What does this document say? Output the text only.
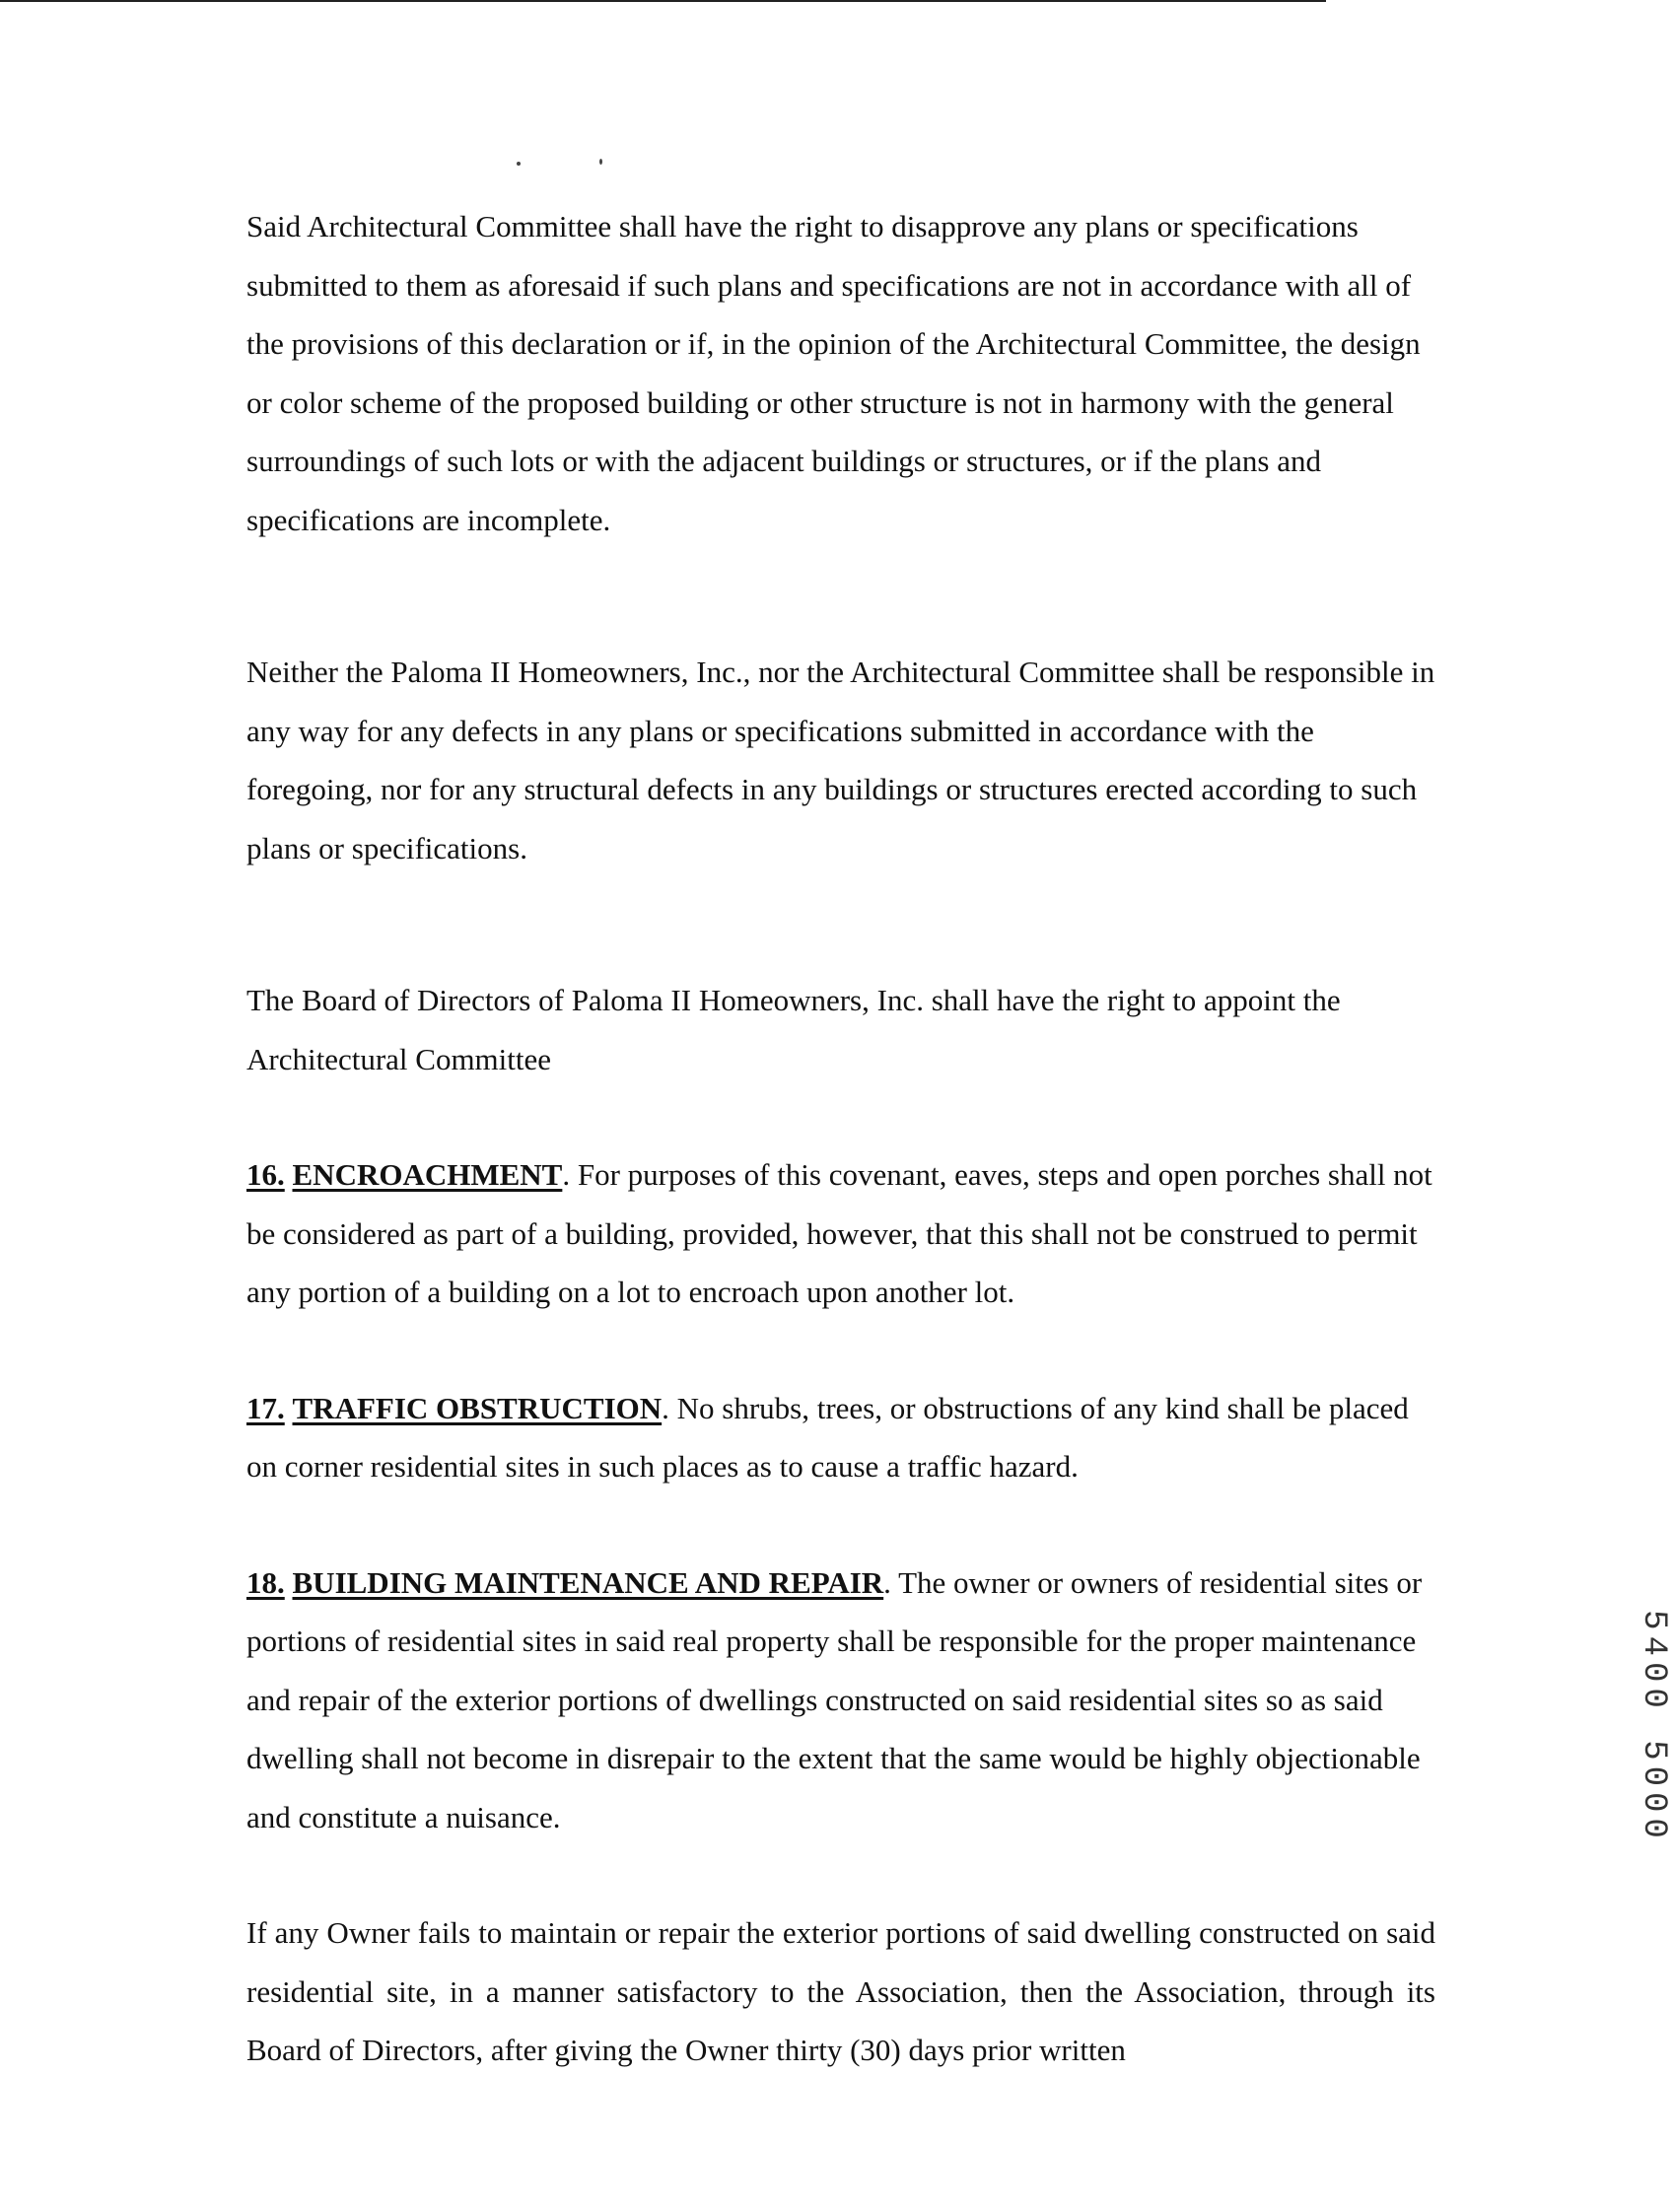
Said Architectural Committee shall have the right to disapprove any plans or specifications submitted to them as aforesaid if such plans and specifications are not in accordance with all of the provisions of this declaration or if, in the opinion of the Architectural Committee, the design or color scheme of the proposed building or other structure is not in harmony with the general surroundings of such lots or with the adjacent buildings or structures, or if the plans and specifications are incomplete.

Neither the Paloma II Homeowners, Inc., nor the Architectural Committee shall be responsible in any way for any defects in any plans or specifications submitted in accordance with the foregoing, nor for any structural defects in any buildings or structures erected according to such plans or specifications.

The Board of Directors of Paloma II Homeowners, Inc. shall have the right to appoint the Architectural Committee

16. ENCROACHMENT. For purposes of this covenant, eaves, steps and open porches shall not be considered as part of a building, provided, however, that this shall not be construed to permit any portion of a building on a lot to encroach upon another lot.

17. TRAFFIC OBSTRUCTION. No shrubs, trees, or obstructions of any kind shall be placed on corner residential sites in such places as to cause a traffic hazard.

18. BUILDING MAINTENANCE AND REPAIR. The owner or owners of residential sites or portions of residential sites in said real property shall be responsible for the proper maintenance and repair of the exterior portions of dwellings constructed on said residential sites so as said dwelling shall not become in disrepair to the extent that the same would be highly objectionable and constitute a nuisance.

If any Owner fails to maintain or repair the exterior portions of said dwelling constructed on said residential site, in a manner satisfactory to the Association, then the Association, through its Board of Directors, after giving the Owner thirty (30) days prior written

5400 5000
